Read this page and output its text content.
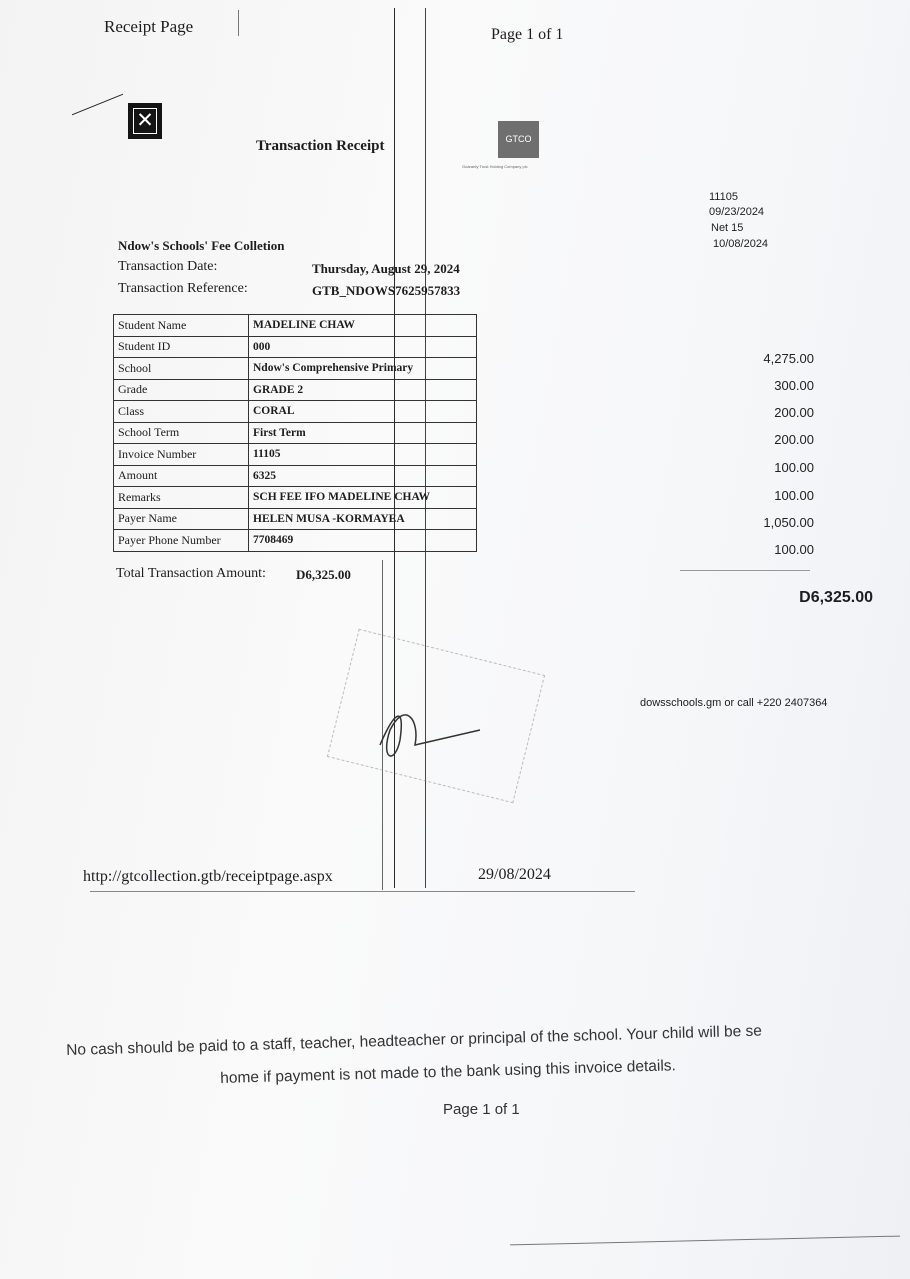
Receipt Page	Page 1 of 1
✕
GTCO
Guaranty Trust Holding Company plc
Transaction Receipt
11105
09/23/2024
Net 15
10/08/2024
Ndow's Schools' Fee Colletion
Transaction Date:	Thursday, August 29, 2024
Transaction Reference:	GTB_NDOWS7625957833
Student Name	MADELINE CHAW
Student ID	000
School	Ndow's Comprehensive Primary
Grade	GRADE 2
Class	CORAL
School Term	First Term
Invoice Number	11105
Amount	6325
Remarks	SCH FEE IFO MADELINE CHAW
Payer Name	HELEN MUSA -KORMAYEA
Payer Phone Number	7708469
Total Transaction Amount: D6,325.00
4,275.00
300.00
200.00
200.00
100.00
100.00
1,050.00
100.00
D6,325.00
dowsschools.gm or call +220 2407364
http://gtcollection.gtb/receiptpage.aspx	29/08/2024
No cash should be paid to a staff, teacher, headteacher or principal of the school. Your child will be se
home if payment is not made to the bank using this invoice details.
Page 1 of 1
